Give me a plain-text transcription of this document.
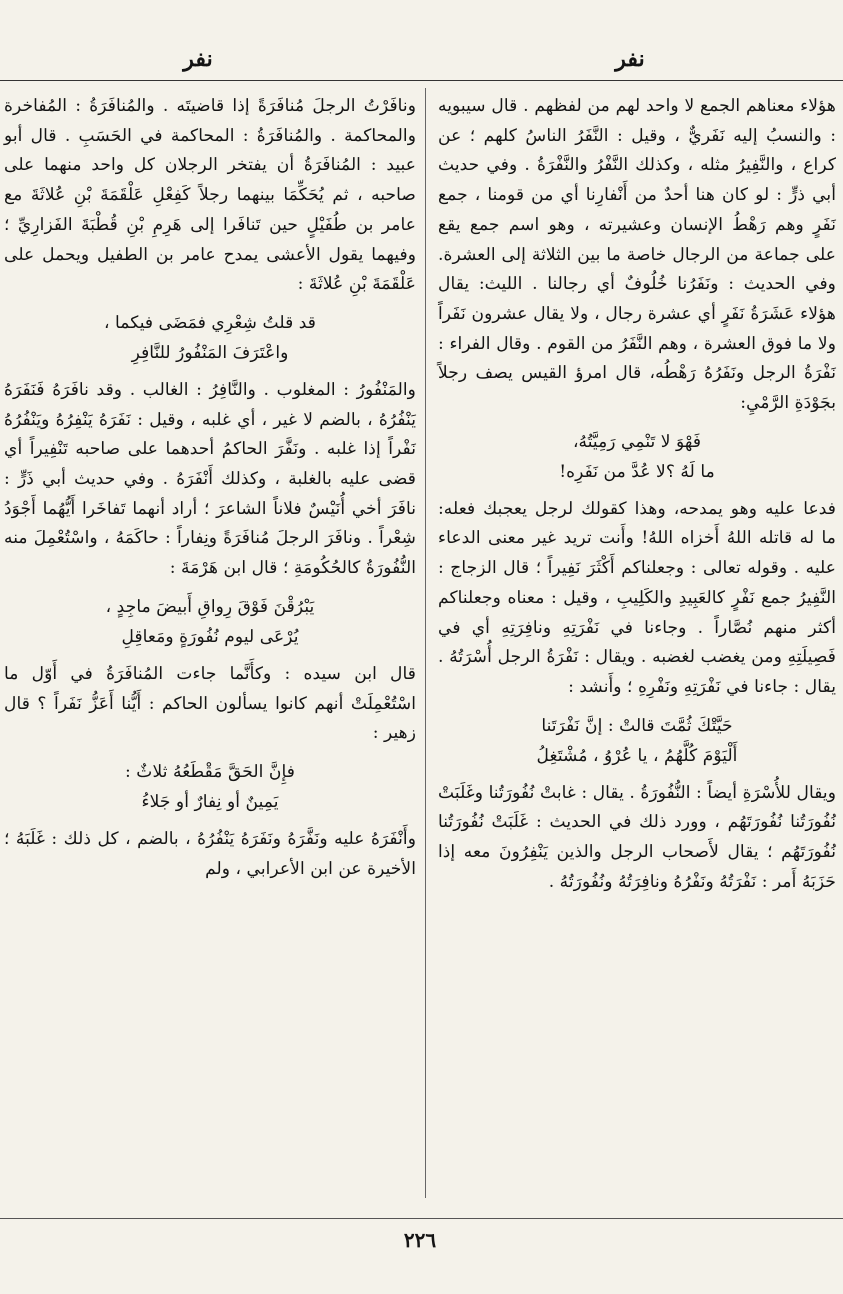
نفر
نفر

هؤلاء معناهم الجمع لا واحد لهم من لفظهم . قال سيبويه : والنسبُ إليه نَفَريٌّ ، وقيل : النَّفَرُ الناسُ كلهم ؛ عن كراع ، والنَّفِيرُ مثله ، وكذلك النَّفْرُ والنَّفْرَةُ . وفي حديث أبي ذرٍّ : لو كان هنا أحدٌ من أَنْفارِنا أي من قومنا ، جمع نَفَرٍ وهم رَهْطُ الإنسان وعشيرته ، وهو اسم جمع يقع على جماعة من الرجال خاصة ما بين الثلاثة إلى العشرة. وفي الحديث : ونَفَرُنا خُلُوفٌ أي رجالنا . الليث: يقال هؤلاء عَشَرَةُ نَفَرٍ أي عشرة رجال ، ولا يقال عشرون نَفَراً ولا ما فوق العشرة ، وهم النَّفَرُ من القوم . وقال الفراء : نَفْرَةُ الرجل ونَفَرُهُ رَهْطُه، قال امرؤ القيس يصف رجلاً بجَوْدَةِ الرَّمْيِ:

فَهْوَ لا تَنْمِي رَمِيَّتُهُ،

ما لَهُ ؟لا عُدَّ من نَفَرِه!

فدعا عليه وهو يمدحه، وهذا كقولك لرجل يعجبك فعله: ما له قاتله اللهُ أَخزاه اللهُ! وأَنت تريد غير معنى الدعاء عليه . وقوله تعالى : وجعلناكم أَكْثَرَ نَفِيراً ؛ قال الزجاج : النَّفِيرُ جمع نَفْرٍ كالعَبِيدِ والكَلِيبِ ، وقيل : معناه وجعلناكم أكثر منهم نُصَّاراً . وجاءنا في نَفْرَتِهِ ونافِرَتِهِ أي في فَصِيلَتِهِ ومن يغضب لغضبه . ويقال : نَفْرَةُ الرجل أُسْرَتُهُ . يقال : جاءنا في نَفْرَتِهِ ونَفْرِهِ ؛ وأَنشد :

حَيَّتْكَ ثُمَّتَ قالتْ : إنَّ نَفْرَتَنا

أَلْيَوْمَ كُلَّهُمُ ، يا عُرْوُ ، مُشْتَغِلُ

ويقال للأُسْرَةِ أيضاً : النُّفُورَةُ . يقال : غابتْ نُفُورَتُنا وغَلَبَتْ نُفُورَتُنا نُفُورَتَهُم ، وورد ذلك في الحديث : غَلَبَتْ نُفُورَتُنا نُفُورَتَهُم ؛ يقال لأَصحاب الرجل والذين يَنْفِرُونَ معه إذا حَزَبَهُ أَمر : نَفْرَتُهُ ونَفْرُهُ ونافِرَتُهُ ونُفُورَتُهُ .

ونافَرْتُ الرجلَ مُنافَرَةً إذا قاضيتَه . والمُنافَرَةُ : المُفاخرة والمحاكمة . والمُنافَرَةُ : المحاكمة في الحَسَبِ . قال أبو عبيد : المُنافَرَةُ أن يفتخر الرجلان كل واحد منهما على صاحبه ، ثم يُحَكِّمَا بينهما رجلاً كَفِعْلِ عَلْقَمَةَ بْنِ عُلاثَةَ مع عامر بن طُفَيْلٍ حين تَنافَرا إلى هَرِمِ بْنِ قُطْبَةَ الفَزارِيِّ ؛ وفيهما يقول الأعشى يمدح عامر بن الطفيل ويحمل على عَلْقَمَةَ بْنِ عُلاثَةَ :

قد قلتُ شِعْرِي فمَضَى فيكما ،

واعْتَرَفَ المَنْفُورُ للنَّافِرِ

والمَنْفُورُ : المغلوب . والنَّافِرُ : الغالب . وقد نافَرَهُ فَنَفَرَهُ يَنْفُرُهُ ، بالضم لا غير ، أي غلبه ، وقيل : نَفَرَهُ يَنْفِرُهُ ويَنْفُرُهُ نَفْراً إذا غلبه . ونَفَّرَ الحاكمُ أحدهما على صاحبه تَنْفِيراً أي قضى عليه بالغلبة ، وكذلك أَنْفَرَهُ . وفي حديث أبي ذَرٍّ : نافَرَ أخي أُنَيْسٌ فلاناً الشاعرَ ؛ أراد أنهما تَفاخَرا أَيُّهُما أَجْوَدُ شِعْراً . ونافَرَ الرجلَ مُنافَرَةً ونِفاراً : حاكَمَهُ ، واسْتُعْمِلَ منه النُّفُورَةُ كالحُكُومَةِ ؛ قال ابن هَرْمَةَ :

يَبْرُقْنَ فَوْقَ رِواقِ أَبيضَ ماجِدٍ ،

يُرْعَى ليوم نُفُورَةٍ ومَعاقِلِ

قال ابن سيده : وكأَنَّما جاءت المُنافَرَةُ في أَوّل ما اسْتُعْمِلَتْ أنهم كانوا يسألون الحاكم : أَيُّنا أَعَزُّ نَفَراً ؟ قال زهير :

فإِنَّ الحَقَّ مَقْطَعُهُ ثلاثٌ :

يَمِينٌ أو نِفارٌ أو جَلاءُ

وأَنْفَرَهُ عليه ونَفَّرَهُ ونَفَرَهُ يَنْفُرُهُ ، بالضم ، كل ذلك : غَلَبَهُ ؛ الأخيرة عن ابن الأعرابي ، ولم

٢٢٦
